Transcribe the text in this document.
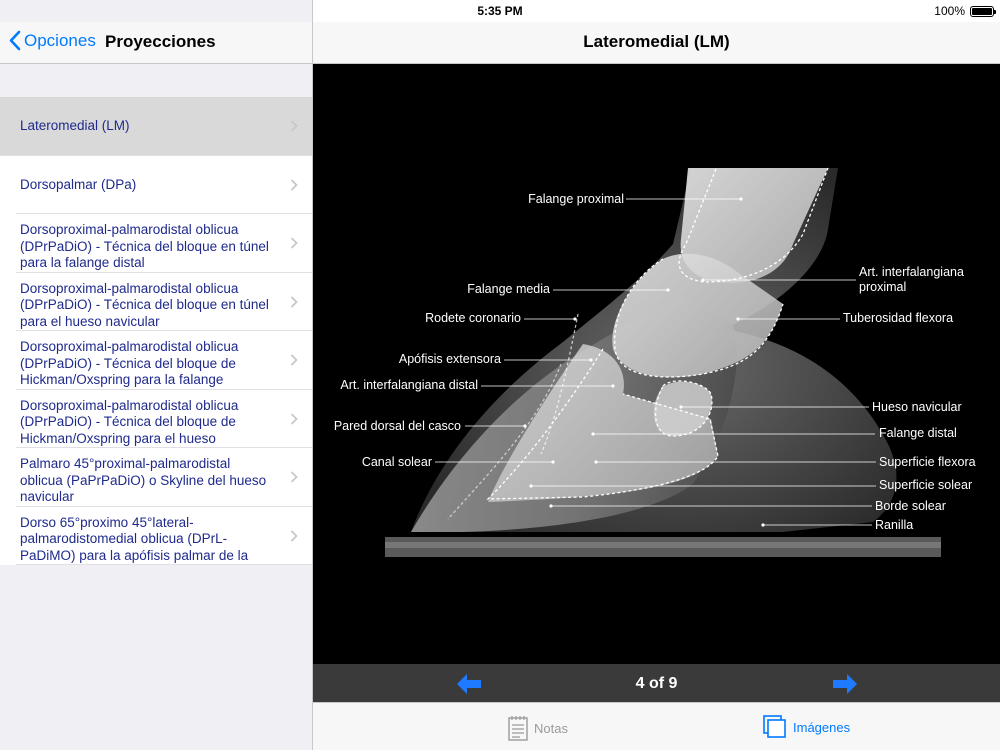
5:35 PM	100%
Opciones Proyecciones
Lateromedial (LM)
Dorsopalmar (DPa)
Dorsoproximal-palmarodistal oblicua (DPrPaDiO) - Técnica del bloque en túnel para la falange distal
Dorsoproximal-palmarodistal oblicua (DPrPaDiO) - Técnica del bloque en túnel para el hueso navicular
Dorsoproximal-palmarodistal oblicua (DPrPaDiO) - Técnica del bloque de Hickman/Oxspring para la falange
Dorsoproximal-palmarodistal oblicua (DPrPaDiO) - Técnica del bloque de Hickman/Oxspring para el hueso
Palmaro 45°proximal-palmarodistal oblicua (PaPrPaDiO) o Skyline del hueso navicular
Dorso 65°proximo 45°lateral-palmarodistomedial oblicua (DPrL-PaDiMO) para la apófisis palmar de la
Lateromedial (LM)
Falange proximal
Falange media
Rodete coronario
Apófisis extensora
Art. interfalangiana distal
Pared dorsal del casco
Canal solear
Art. interfalangiana
proximal
Tuberosidad flexora
Hueso navicular
Falange distal
Superficie flexora
Superficie solear
Borde solear
Ranilla
4 of 9
Notas	Imágenes
